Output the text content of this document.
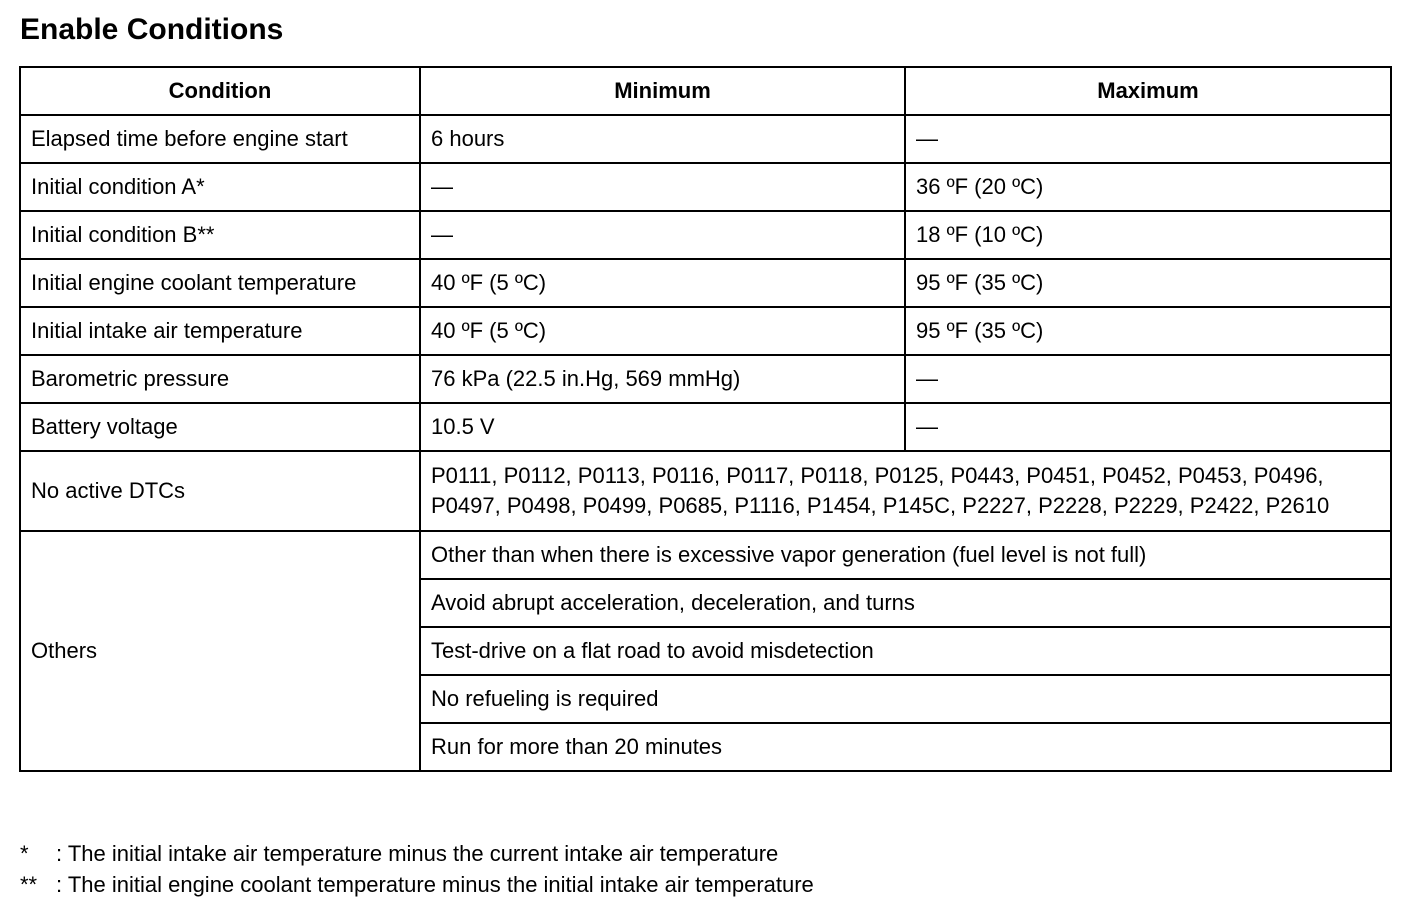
Enable Conditions
Condition	Minimum	Maximum
Elapsed time before engine start	6 hours	—
Initial condition A*	—	36 ºF (20 ºC)
Initial condition B**	—	18 ºF (10 ºC)
Initial engine coolant temperature	40 ºF (5 ºC)	95 ºF (35 ºC)
Initial intake air temperature	40 ºF (5 ºC)	95 ºF (35 ºC)
Barometric pressure	76 kPa (22.5 in.Hg, 569 mmHg)	—
Battery voltage	10.5 V	—
No active DTCs	P0111, P0112, P0113, P0116, P0117, P0118, P0125, P0443, P0451, P0452, P0453, P0496, P0497, P0498, P0499, P0685, P1116, P1454, P145C, P2227, P2228, P2229, P2422, P2610	
Others	Other than when there is excessive vapor generation (fuel level is not full)	
	Avoid abrupt acceleration, deceleration, and turns	
	Test-drive on a flat road to avoid misdetection	
	No refueling is required	
	Run for more than 20 minutes	
*	: The initial intake air temperature minus the current intake air temperature
** : The initial engine coolant temperature minus the initial intake air temperature
